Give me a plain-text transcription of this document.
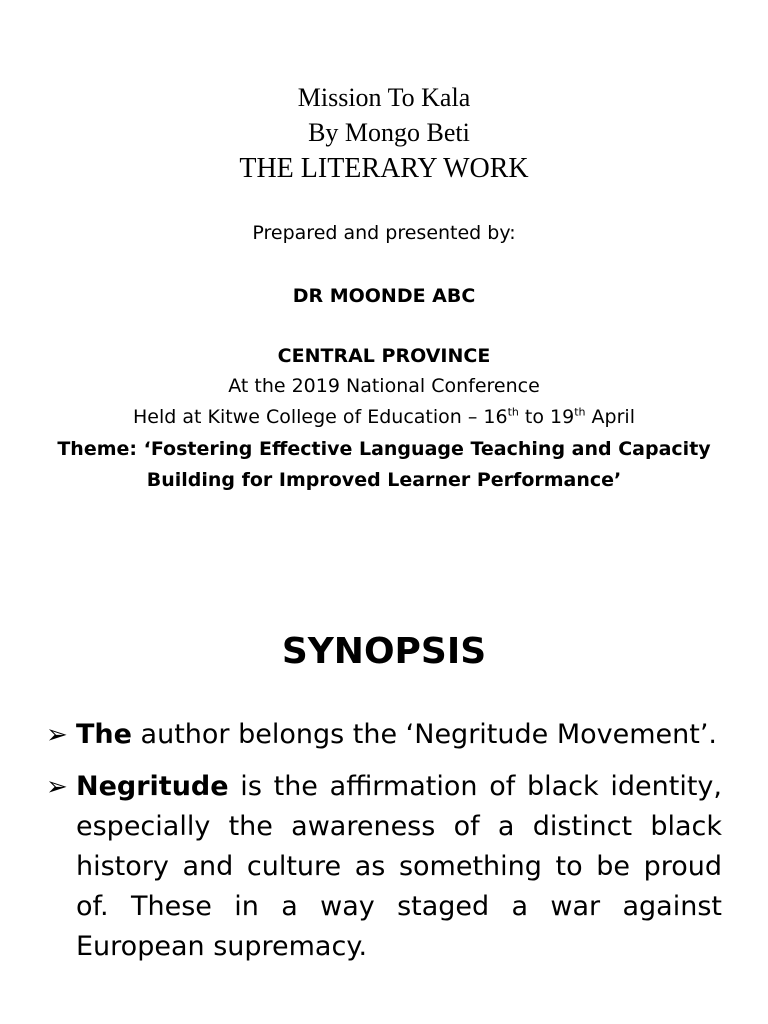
Mission To Kala
By Mongo Beti
THE LITERARY WORK
Prepared and presented by:
DR MOONDE ABC
CENTRAL PROVINCE
At the 2019 National Conference
Held at Kitwe College of Education – 16th to 19th April
Theme: ‘Fostering Effective Language Teaching and Capacity Building for Improved Learner Performance’
SYNOPSIS
➢ The author belongs the ‘Negritude Movement’.
➢ Negritude is the affirmation of black identity, especially the awareness of a distinct black history and culture as something to be proud of. These in a way staged a war against European supremacy.
